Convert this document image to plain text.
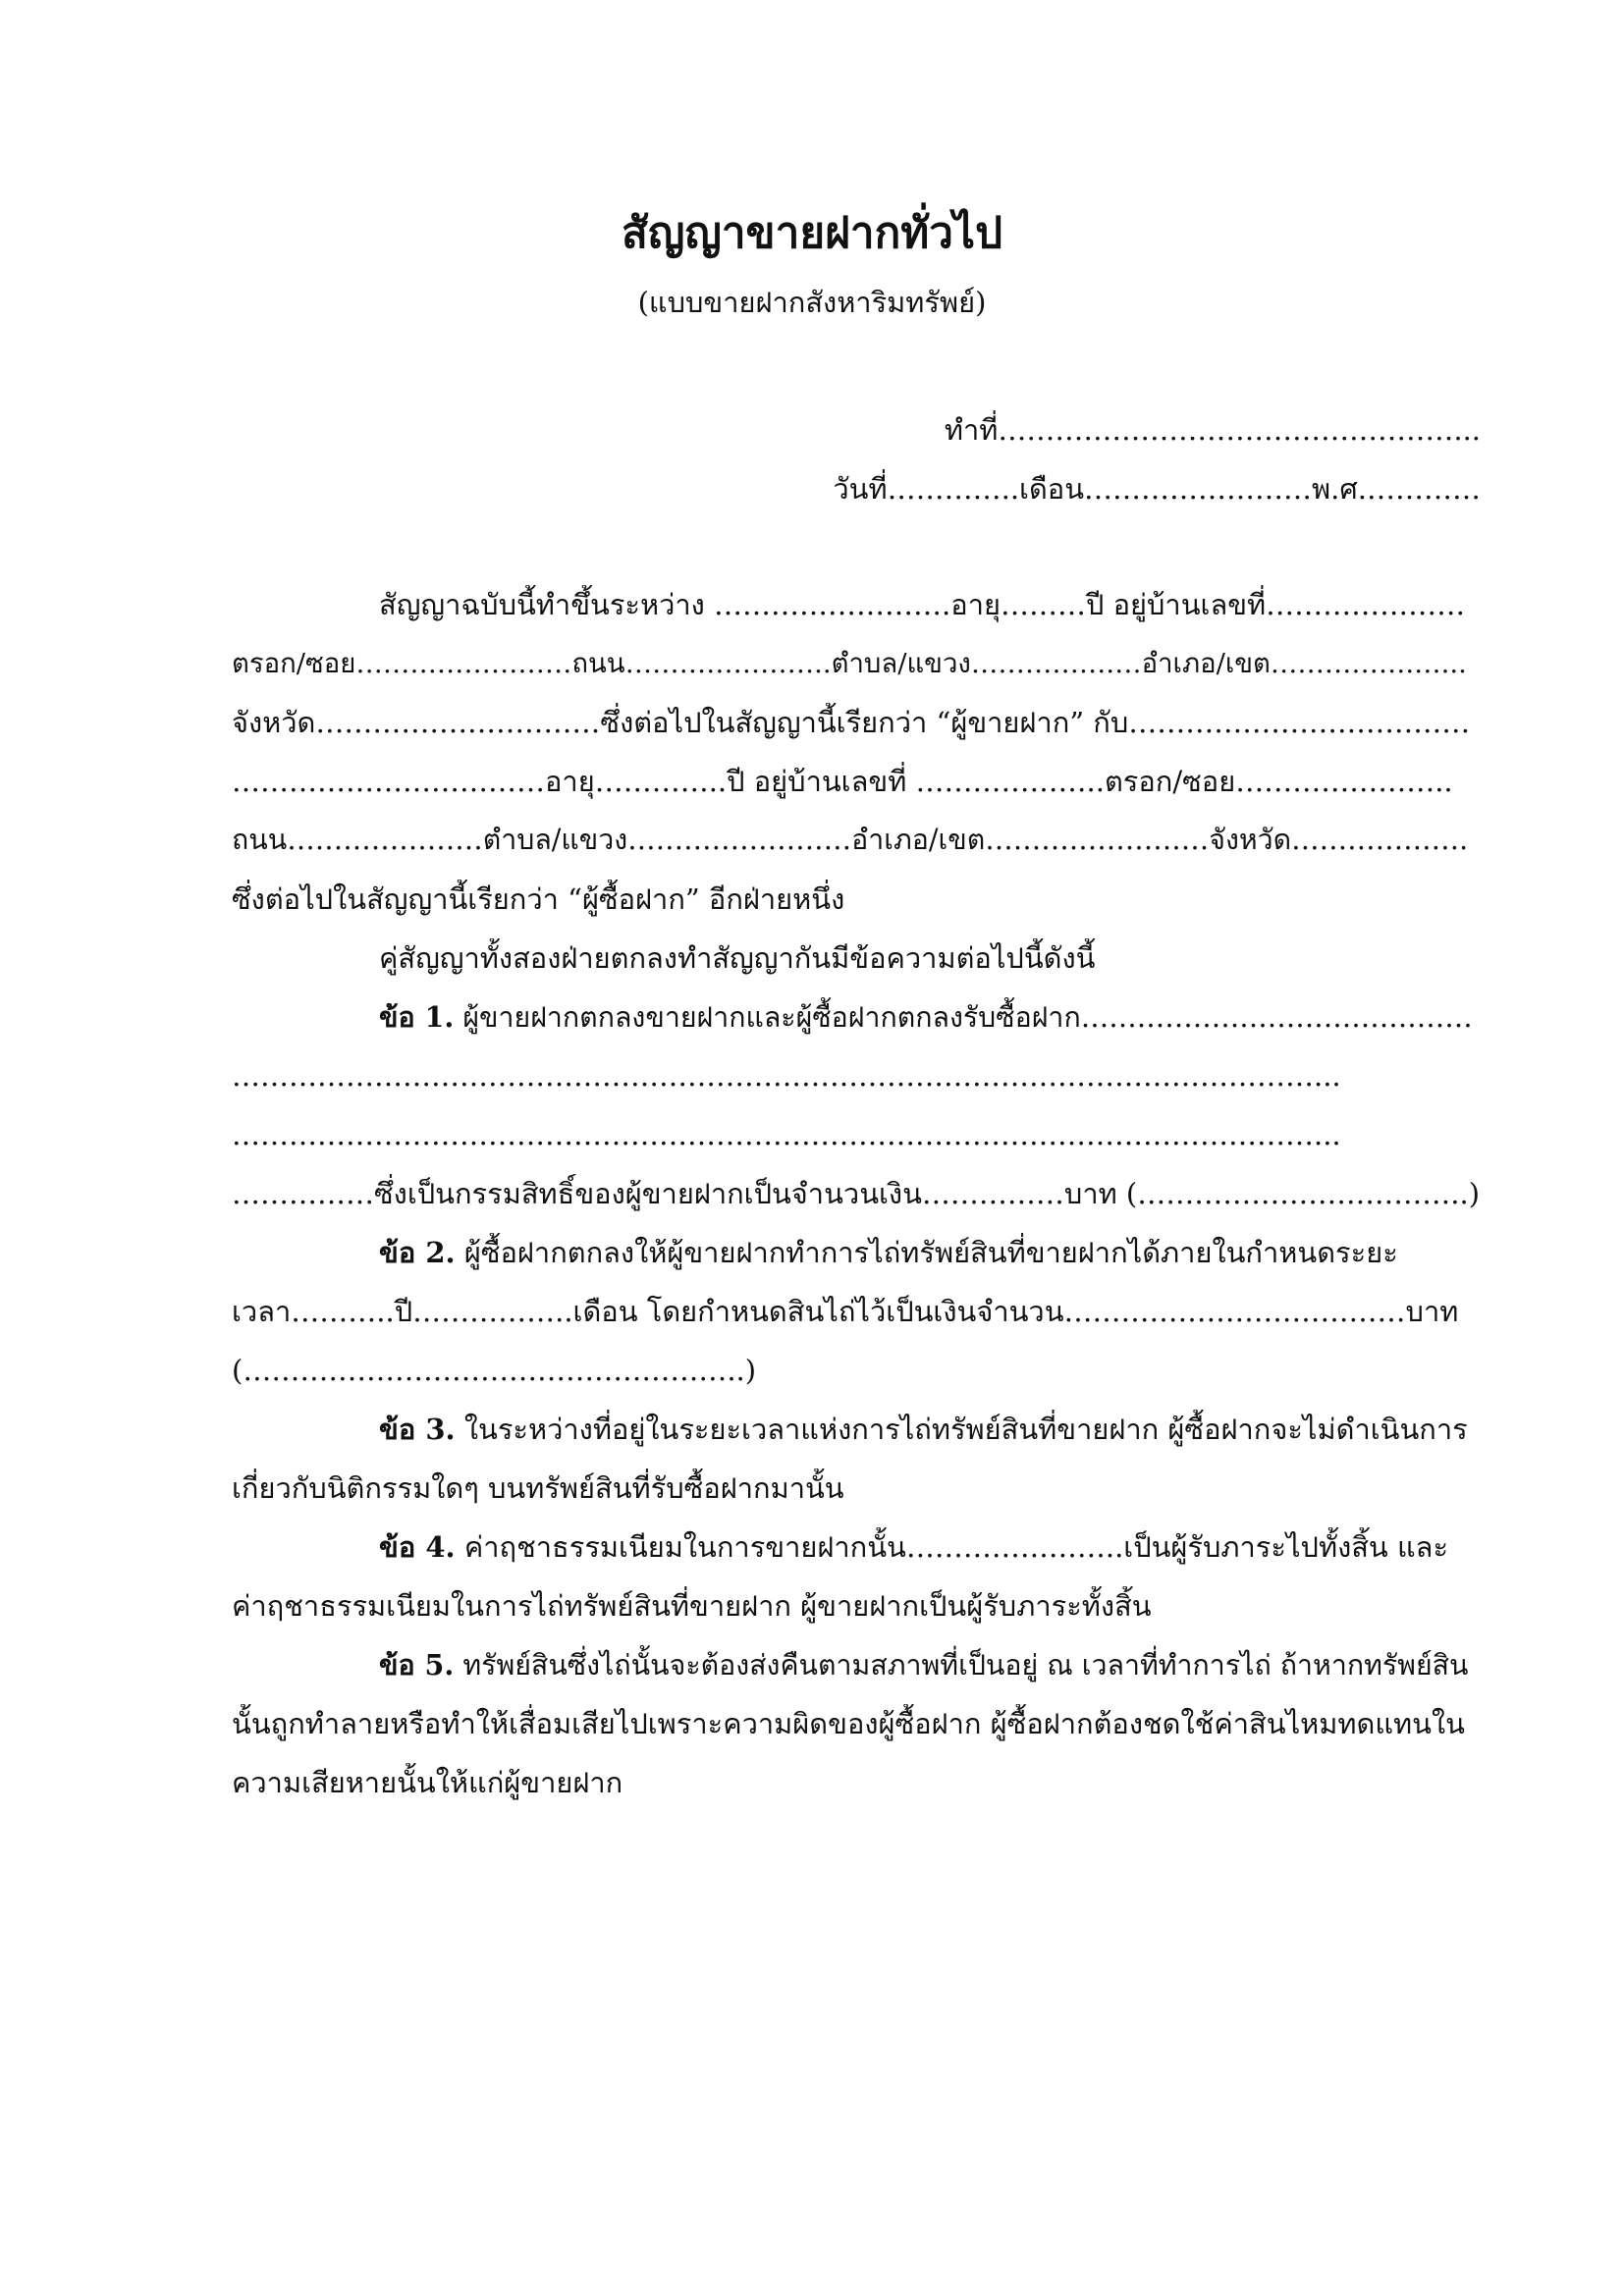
สัญญาขายฝากทั่วไป
(แบบขายฝากสังหาริมทรัพย์)
ทำที่…………………………………………...
วันที่…………..เดือน……………………พ.ศ.…………
สัญญาฉบับนี้ทำขึ้นระหว่าง …………………….อายุ………ปี อยู่บ้านเลขที่…………………
ตรอก/ซอย……………………ถนน…………………..ตำบล/แขวง…………….…อำเภอ/เขต…………….…...
จังหวัด…………………………ซึ่งต่อไปในสัญญานี้เรียกว่า “ผู้ขายฝาก” กับ………………………………
……………………………อายุ…………..ปี อยู่บ้านเลขที่ ………………..ตรอก/ซอย…………………..
ถนน…………………ตำบล/แขวง……………………อำเภอ/เขต……………………จังหวัด……………….
ซึ่งต่อไปในสัญญานี้เรียกว่า “ผู้ซื้อฝาก” อีกฝ่ายหนึ่ง
คู่สัญญาทั้งสองฝ่ายตกลงทำสัญญากันมีข้อความต่อไปนี้ดังนี้
ข้อ 1. ผู้ขายฝากตกลงขายฝากและผู้ซื้อฝากตกลงรับซื้อฝาก……………………………………
……………………………………………………………………………………………………...
……………………………………………………………………………………………………...
……………ซึ่งเป็นกรรมสิทธิ์ของผู้ขายฝากเป็นจำนวนเงิน……………บาท (……………………………..)
ข้อ 2. ผู้ซื้อฝากตกลงให้ผู้ขายฝากทำการไถ่ทรัพย์สินที่ขายฝากได้ภายในกำหนดระยะ
เวลา………..ปี……………..เดือน โดยกำหนดสินไถ่ไว้เป็นเงินจำนวน………………………………บาท
(……………………………………………..)
ข้อ 3. ในระหว่างที่อยู่ในระยะเวลาแห่งการไถ่ทรัพย์สินที่ขายฝาก ผู้ซื้อฝากจะไม่ดำเนินการ
เกี่ยวกับนิติกรรมใดๆ บนทรัพย์สินที่รับซื้อฝากมานั้น
ข้อ 4. ค่าฤชาธรรมเนียมในการขายฝากนั้น…………………..เป็นผู้รับภาระไปทั้งสิ้น และ
ค่าฤชาธรรมเนียมในการไถ่ทรัพย์สินที่ขายฝาก ผู้ขายฝากเป็นผู้รับภาระทั้งสิ้น
ข้อ 5. ทรัพย์สินซึ่งไถ่นั้นจะต้องส่งคืนตามสภาพที่เป็นอยู่ ณ เวลาที่ทำการไถ่ ถ้าหากทรัพย์สิน
นั้นถูกทำลายหรือทำให้เสื่อมเสียไปเพราะความผิดของผู้ซื้อฝาก ผู้ซื้อฝากต้องชดใช้ค่าสินไหมทดแทนใน
ความเสียหายนั้นให้แก่ผู้ขายฝาก
